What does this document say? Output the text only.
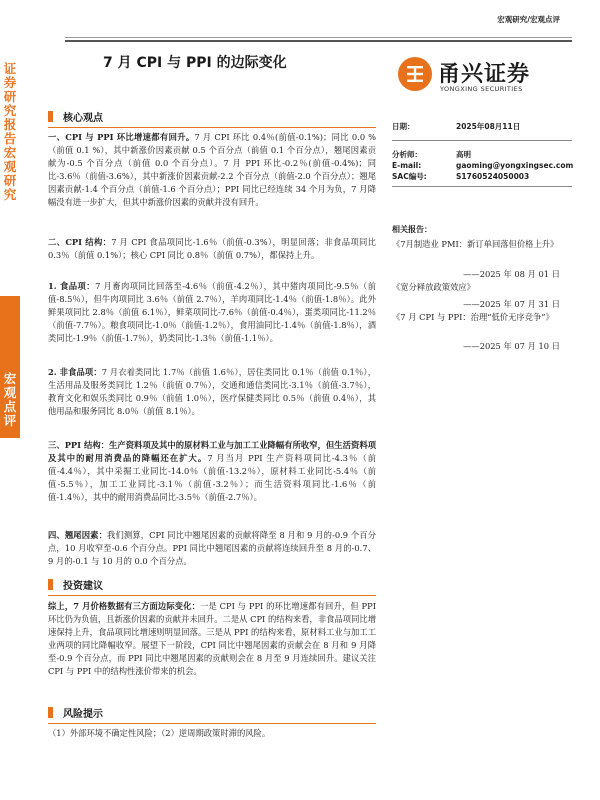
证券研究报告宏观研究
宏观点评
宏观研究/宏观点评
7 月 CPI 与 PPI 的边际变化	甬兴证券
YONGXING SECURITIES
日期：	2025年08月11日
分析师：	高明
E-mail:	gaoming@yongxingsec.com
SAC编号:	S1760524050003
相关报告：
《7月制造业 PMI：新订单回落但价格上升》
——2025 年 08 月 01 日
《宽分释放政策效应》
——2025 年 07 月 31 日
《7 月 CPI 与 PPI：治理“低价无序竞争”》
——2025 年 07 月 10 日
核心观点
一、CPI 与 PPI 环比增速都有回升。7 月 CPI 环比 0.4％(前值-0.1%)；同比 0.0 %（前值 0.1 %），其中新涨价因素贡献 0.5 个百分点（前值 0.1 个百分点），翘尾因素贡献为-0.5 个百分点（前值 0.0 个百分点）。7 月 PPI 环比-0.2％(前值-0.4%)；同比-3.6％（前值-3.6%），其中新涨价因素贡献-2.2 个百分点（前值-2.0 个百分点）；翘尾因素贡献-1.4 个百分点（前值-1.6 个百分点）；PPI 同比已经连续 34 个月为负，7 月降幅没有进一步扩大，但其中新涨价因素的贡献并没有回升。
二、CPI 结构：7 月 CPI 食品项同比-1.6％（前值-0.3%），明显回落；非食品项同比 0.3％（前值 0.1%）；核心 CPI 同比 0.8％（前值 0.7%），都保持上升。
1. 食品项：7 月畜肉项同比回落至-4.6％（前值-4.2％），其中猪肉项同比-9.5％（前值-8.5％），但牛肉项同比 3.6％（前值 2.7％），羊肉项同比-1.4％（前值-1.8％）。此外鲜果项同比 2.8％（前值 6.1％），鲜菜项同比-7.6％（前值-0.4％），蛋类项同比-11.2％（前值-7.7％）。粮食项同比-1.0％（前值-1.2％），食用油同比-1.4％（前值-1.8％），酒类同比-1.9％（前值-1.7％），奶类同比-1.3％（前值-1.1％）。
2. 非食品项：7 月衣着类同比 1.7％（前值 1.6％），居住类同比 0.1％（前值 0.1％），生活用品及服务类同比 1.2％（前值 0.7％），交通和通信类同比-3.1％（前值-3.7％），教育文化和娱乐类同比 0.9％（前值 1.0％），医疗保健类同比 0.5％（前值 0.4％），其他用品和服务同比 8.0％（前值 8.1％）。
三、PPI 结构：生产资料项及其中的原材料工业与加工工业降幅有所收窄，但生活资料项及其中的耐用消费品的降幅还在扩大。7 月当月 PPI 生产资料项同比-4.3％（前值-4.4％），其中采掘工业同比-14.0％（前值-13.2％），原材料工业同比-5.4％（前值-5.5％），加工工业同比-3.1％（前值-3.2％）；而生活资料项同比-1.6％（前值-1.4％），其中的耐用消费品同比-3.5％（前值-2.7％）。
四、翘尾因素：我们测算，CPI 同比中翘尾因素的贡献将降至 8 月和 9 月的-0.9 个百分点，10 月收窄至-0.6 个百分点。PPI 同比中翘尾因素的贡献将连续回升至 8 月的-0.7、9 月的-0.1 与 10 月的 0.0 个百分点。
投资建议
综上，7 月价格数据有三方面边际变化：一是 CPI 与 PPI 的环比增速都有回升，但 PPI 环比仍为负值，且新涨价因素的贡献并未回升。二是从 CPI 的结构来看，非食品项同比增速保持上升，食品项同比增速则明显回落。三是从 PPI 的结构来看，原材料工业与加工工业两项的同比降幅收窄。展望下一阶段，CPI 同比中翘尾因素的贡献会在 8 月和 9 月降至-0.9 个百分点，而 PPI 同比中翘尾因素的贡献则会在 8 月至 9 月连续回升。建议关注 CPI 与 PPI 中的结构性涨价带来的机会。
风险提示
（1）外部环境不确定性风险；（2）逆周期政策时滞的风险。
